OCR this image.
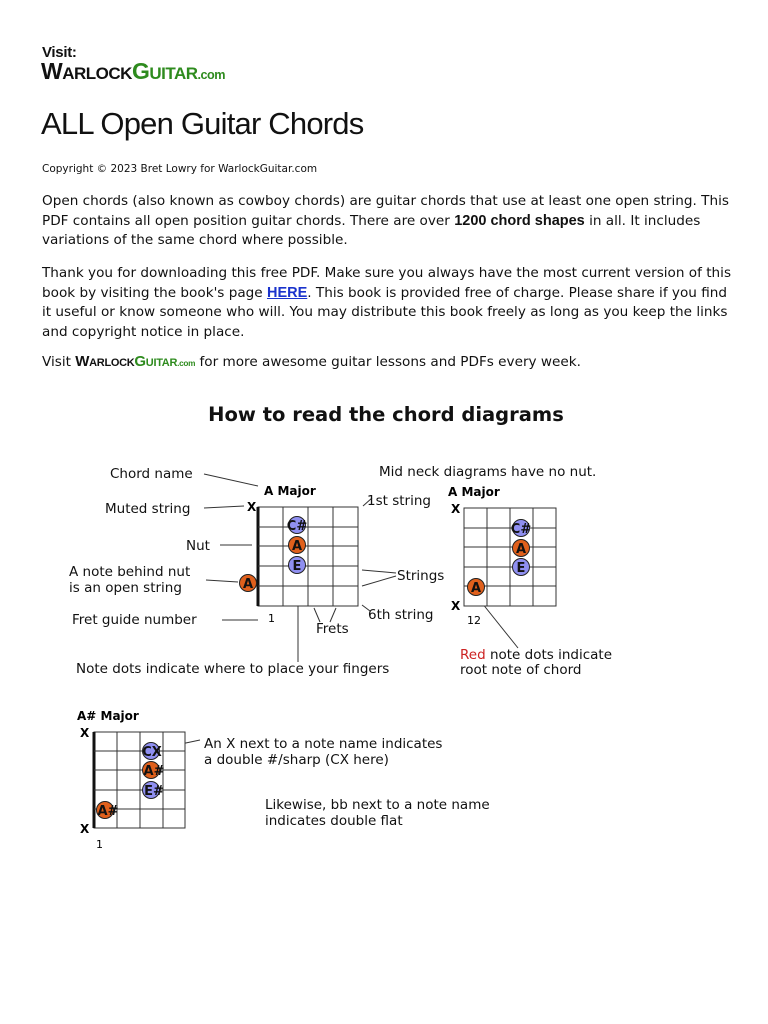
Visit:
WARLOCKGUITAR.com
ALL Open Guitar Chords
Copyright © 2023 Bret Lowry for WarlockGuitar.com

Open chords (also known as cowboy chords) are guitar chords that use at least one open string. This PDF contains all open position guitar chords. There are over 1200 chord shapes in all. It includes variations of the same chord where possible.

Thank you for downloading this free PDF. Make sure you always have the most current version of this book by visiting the book's page HERE. This book is provided free of charge. Please share if you find it useful or know someone who will. You may distribute this book freely as long as you keep the links and copyright notice in place.

Visit WARLOCKGUITAR.com for more awesome guitar lessons and PDFs every week.

How to read the chord diagrams
C#
A
E
A
C#
A
E
A
CX
A#
E#
A#
A Major
X
1
A Major
X
X
12
A# Major
X
X
1
Chord name
Muted string
Nut
A note behind nut
is an open string
Fret guide number
1st string
Strings
6th string
Frets
Note dots indicate where to place your fingers
Mid neck diagrams have no nut.
Red note dots indicate
root note of chord
An X next to a note name indicates
a double #/sharp (CX here)
Likewise, bb next to a note name
indicates double flat
